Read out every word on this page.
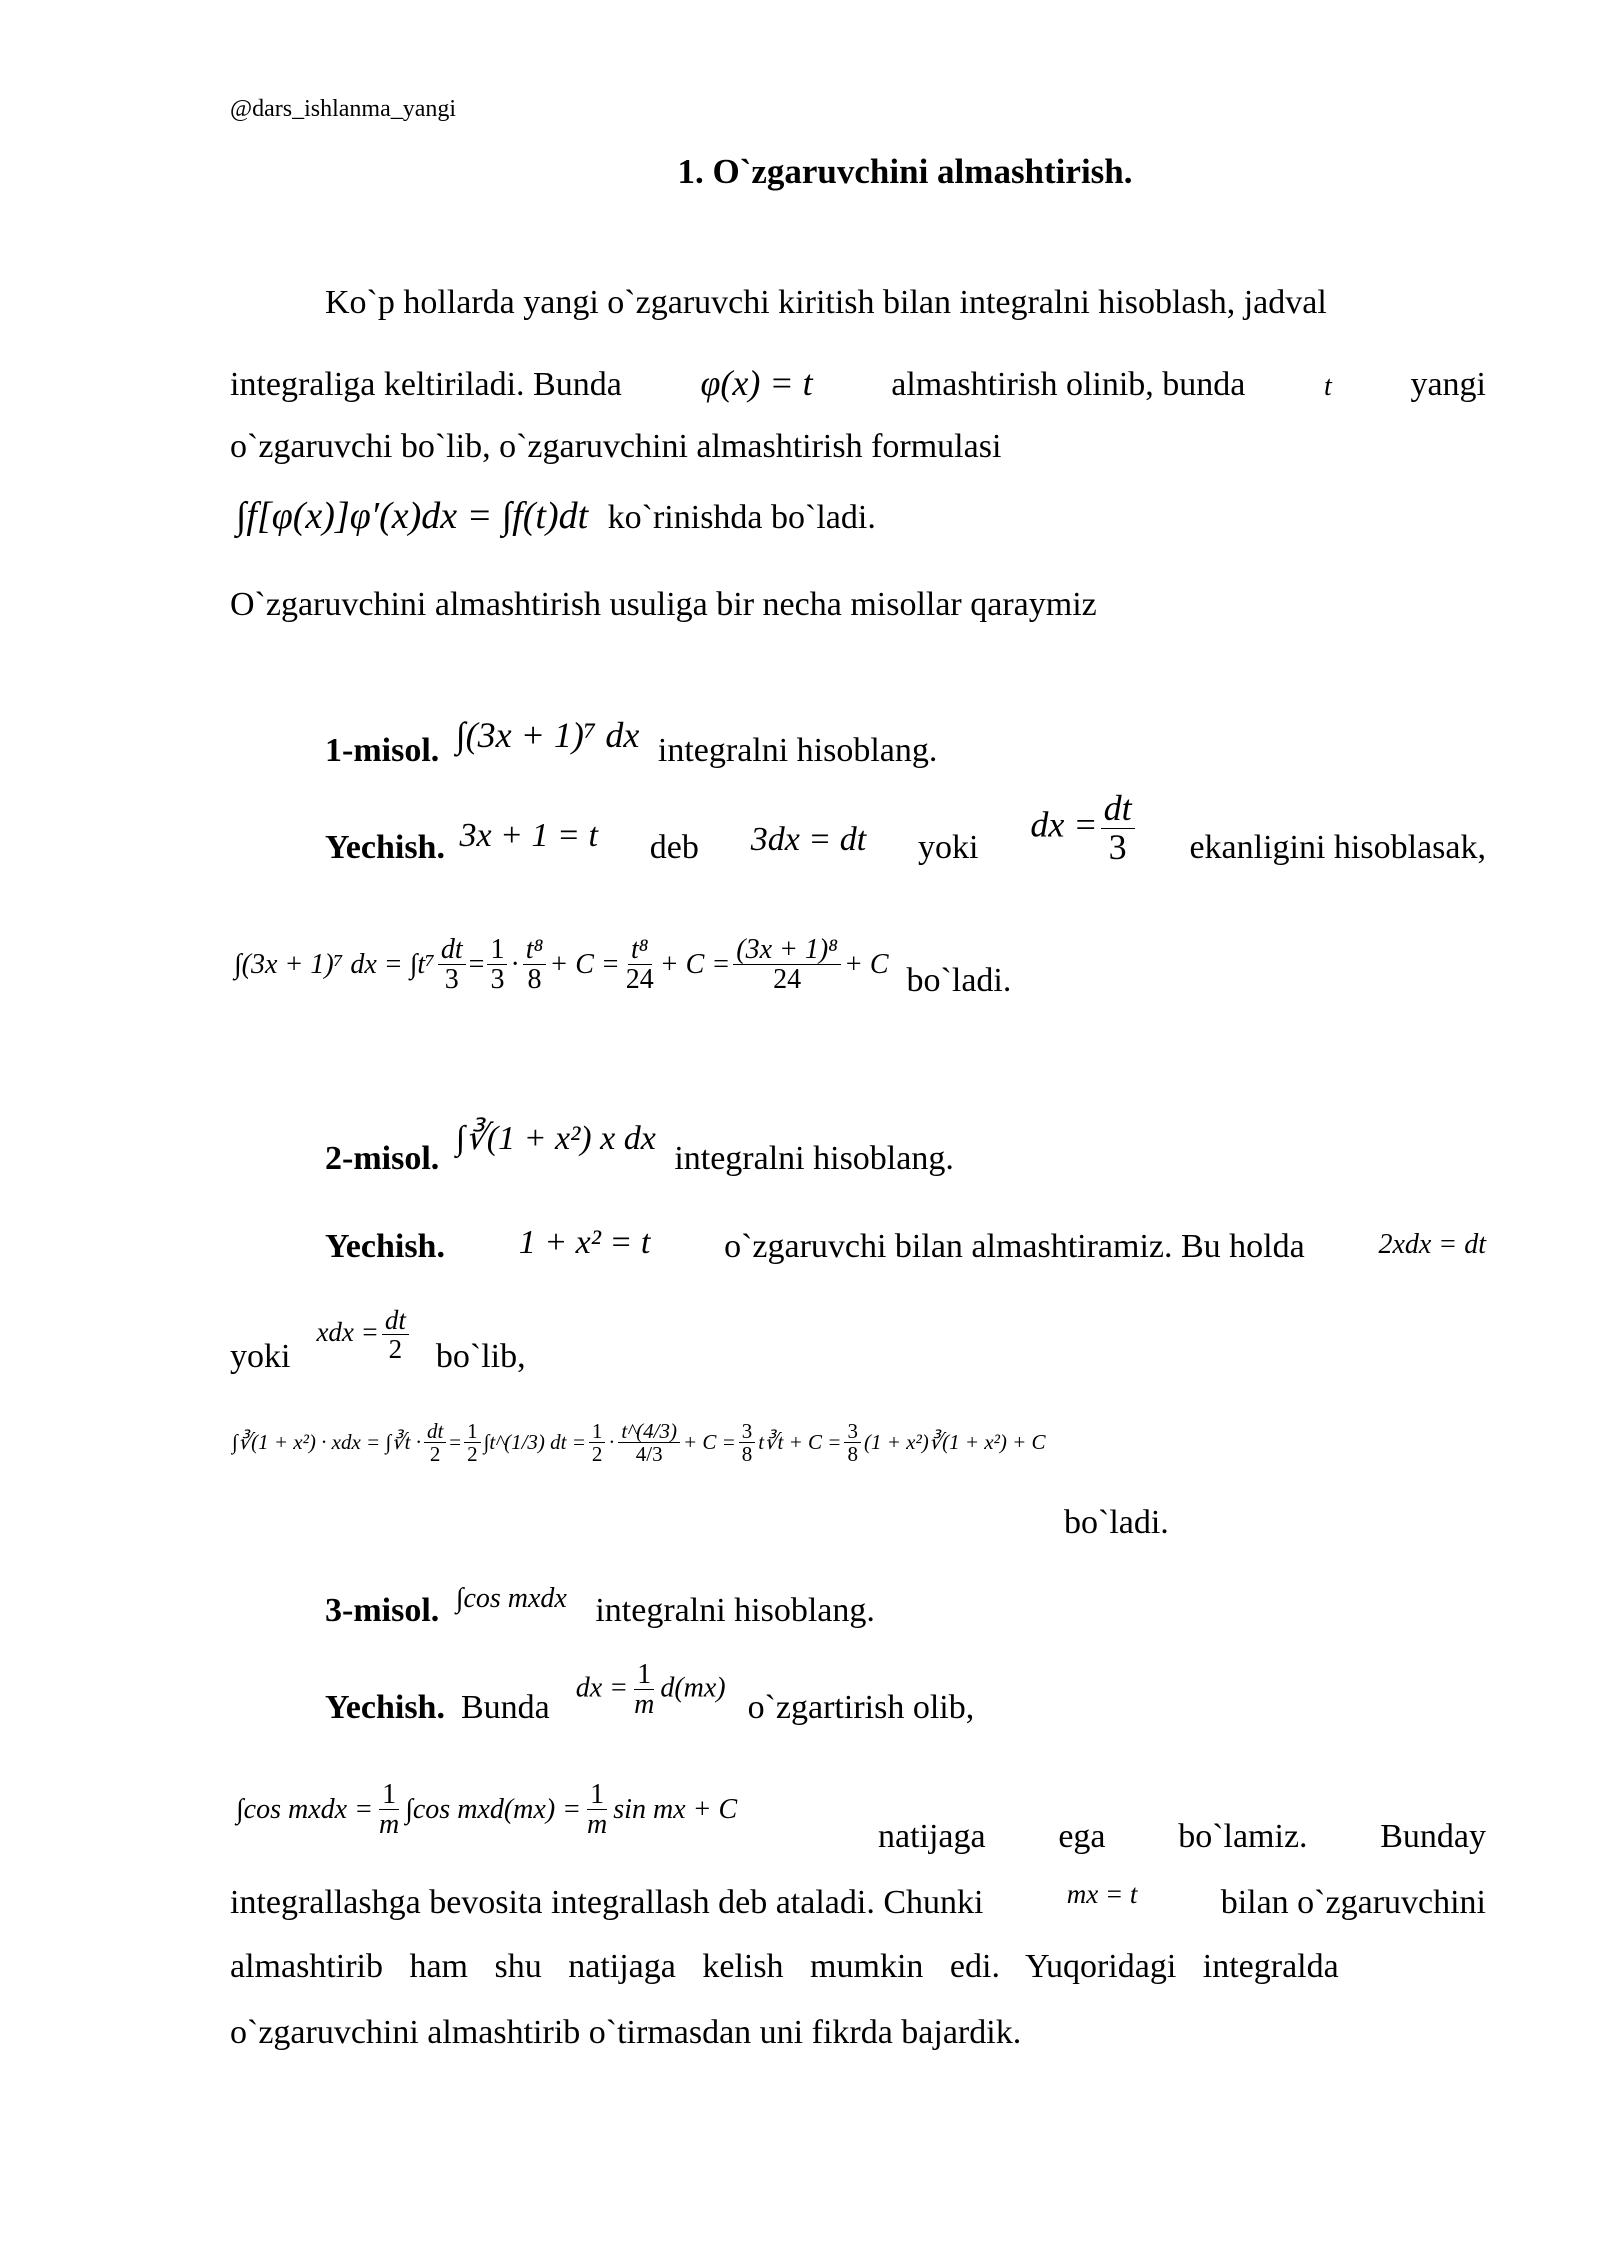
@dars_ishlanma_yangi
1. O`zgaruvchini almashtirish.
Ko`p hollarda yangi o`zgaruvchi kiritish bilan integralni hisoblash, jadval
integraliga keltiriladi. Bunda φ(x) = t almashtirish olinib, bunda	t yangi
o`zgaruvchi bo`lib, o`zgaruvchini almashtirish formulasi
∫f[φ(x)]φ′(x)dx = ∫f(t)dt ko`rinishda bo`ladi.
O`zgaruvchini almashtirish usuliga bir necha misollar qaraymiz
1-misol. ∫(3x + 1)⁷ dx integralni hisoblang.
Yechish. 3x + 1 = t deb 3dx = dt yoki
dx = $\frac{dt}{3}$ ekanligini hisoblasak,
∫(3x + 1)⁷ dx = $\int t^7 \frac{dt}{3} = \frac{1}{3} \cdot \frac{\text{t⁸}}{8} + C = \frac{\text{t⁸}}{24} + C = \frac{\text{(3x + 1)⁸}}{24} + C$ bo`ladi.
2-misol. ∫∛(1 + x²) x dx integralni hisoblang.
Yechish. 1 + x² = t o`zgaruvchi bilan almashtiramiz. Bu holda	2xdx = dt
yoki
xdx = $\frac{dt}{2}$ bo`lib,
∫∛(1 + x²) · xdx = ∫∛t · $\frac{dt}{2} = \frac{1}{2}$ ∫t^(1/3) dt = $\frac{1}{2} \cdot \frac{t\^{}(4/3)}{4/3} + C = \frac{3}{8}$ t∛t + $C = \frac{3}{8} (1$ + x²)∛(1 + x²) + C
bo`ladi.
3-misol. $^{\int cos mxdx}$ integralni hisoblang.
Yechish. Bunda
dx = $\frac{1}{m} d(mx)$
o`zgartirish olib,
∫cos mxdx = $\frac{1}{m} \int\cos$ $mxd(mx) = \frac{1}{m}$ sin mx + C
natijaga ega bo`lamiz. Bunday
integrallashga bevosita integrallash deb ataladi. Chunki	mx = t bilan o`zgaruvchini
almashtirib ham shu natijaga kelish mumkin edi. Yuqoridagi integralda
o`zgaruvchini almashtirib o`tirmasdan uni fikrda bajardik.
